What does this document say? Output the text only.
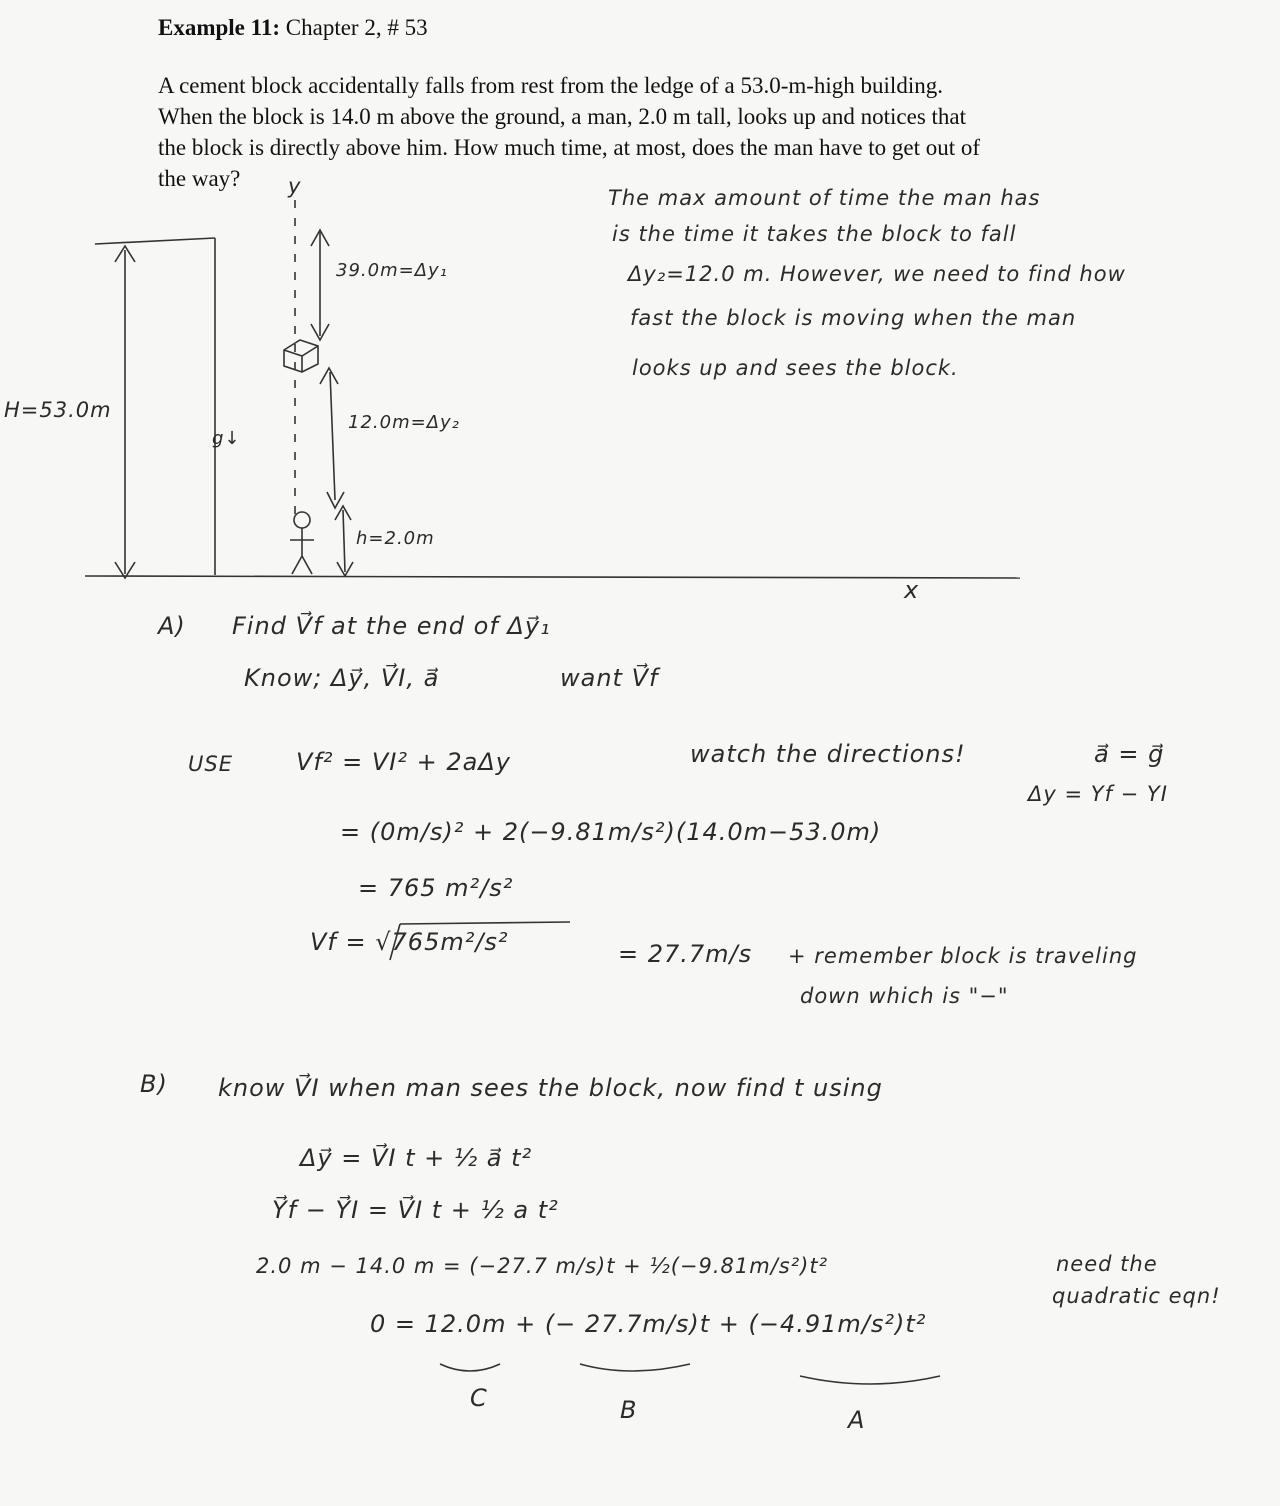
Example 11: Chapter 2, # 53
A cement block accidentally falls from rest from the ledge of a 53.0-m-high building.
When the block is 14.0 m above the ground, a man, 2.0 m tall, looks up and notices that
the block is directly above him. How much time, at most, does the man have to get out of
the way? y
H=53.0m
g↓
39.0m=Δy₁
12.0m=Δy₂
h=2.0m
x
The max amount of time the man has
is the time it takes the block to fall
Δy₂=12.0 m. However, we need to find how
fast the block is moving when the man
looks up and sees the block.
A) Find V⃗f at the end of Δy⃗₁
Know; Δy⃗, V⃗I, a⃗	want V⃗f
USE	Vf² = VI² + 2aΔy	watch the directions!	a⃗ = g⃗
Δy = Yf − YI
= (0m/s)² + 2(−9.81m/s²)(14.0m−53.0m)
= 765 m²/s²
Vf = √765m²/s²	= 27.7m/s + remember block is traveling
down which is "−"
B) know V⃗I when man sees the block, now find t using
Δy⃗ = V⃗I t + ½ a⃗ t²
Y⃗f − Y⃗I = V⃗I t + ½ a t²
2.0 m − 14.0 m = (−27.7 m/s)t + ½(−9.81m/s²)t²
0 = 12.0m + (− 27.7m/s)t + (−4.91m/s²)t²
need the
quadratic eqn!
C	B	A
